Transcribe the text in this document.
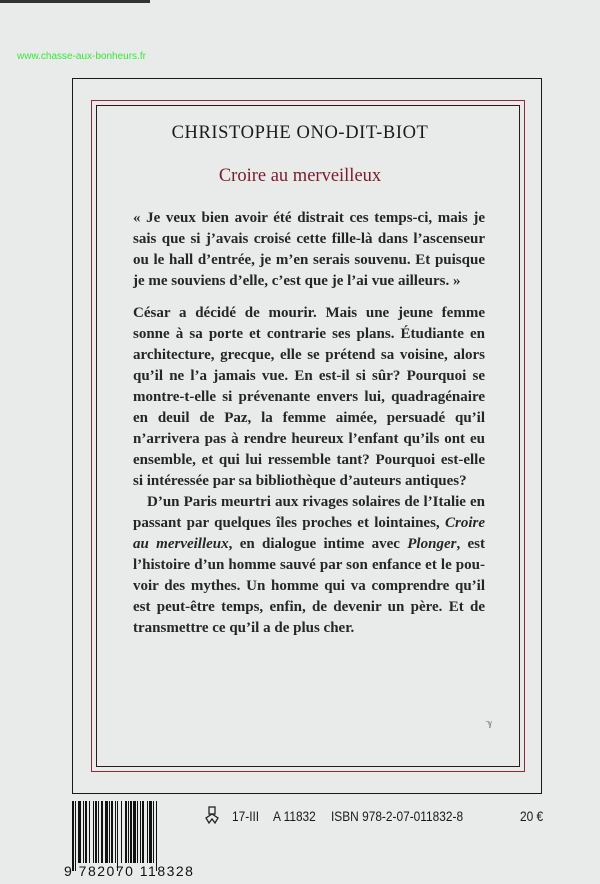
www.chasse-aux-bonheurs.fr
CHRISTOPHE ONO-DIT-BIOT
Croire au merveilleux
« Je veux bien avoir été distrait ces temps-ci, mais je
sais que si j’avais croisé cette fille-là dans l’ascenseur
ou le hall d’entrée, je m’en serais souvenu. Et puisque
je me souviens d’elle, c’est que je l’ai vue ailleurs. »
César a décidé de mourir. Mais une jeune femme
sonne à sa porte et contrarie ses plans. Étudiante en
architecture, grecque, elle se prétend sa voisine, alors
qu’il ne l’a jamais vue. En est-il si sûr? Pourquoi se
montre-t-elle si prévenante envers lui, quadragénaire
en deuil de Paz, la femme aimée, persuadé qu’il
n’arrivera pas à rendre heureux l’enfant qu’ils ont eu
ensemble, et qui lui ressemble tant? Pourquoi est-elle
si intéressée par sa bibliothèque d’auteurs antiques?
D’un Paris meurtri aux rivages solaires de l’Italie en
passant par quelques îles proches et lointaines, Croire
au merveilleux, en dialogue intime avec Plonger, est
l’histoire d’un homme sauvé par son enfance et le pou-
voir des mythes. Un homme qui va comprendre qu’il
est peut-être temps, enfin, de devenir un père. Et de
transmettre ce qu’il a de plus cher.
ℽ
9 782070 118328
17-III A 11832 ISBN 978-2-07-011832-8	20 €
